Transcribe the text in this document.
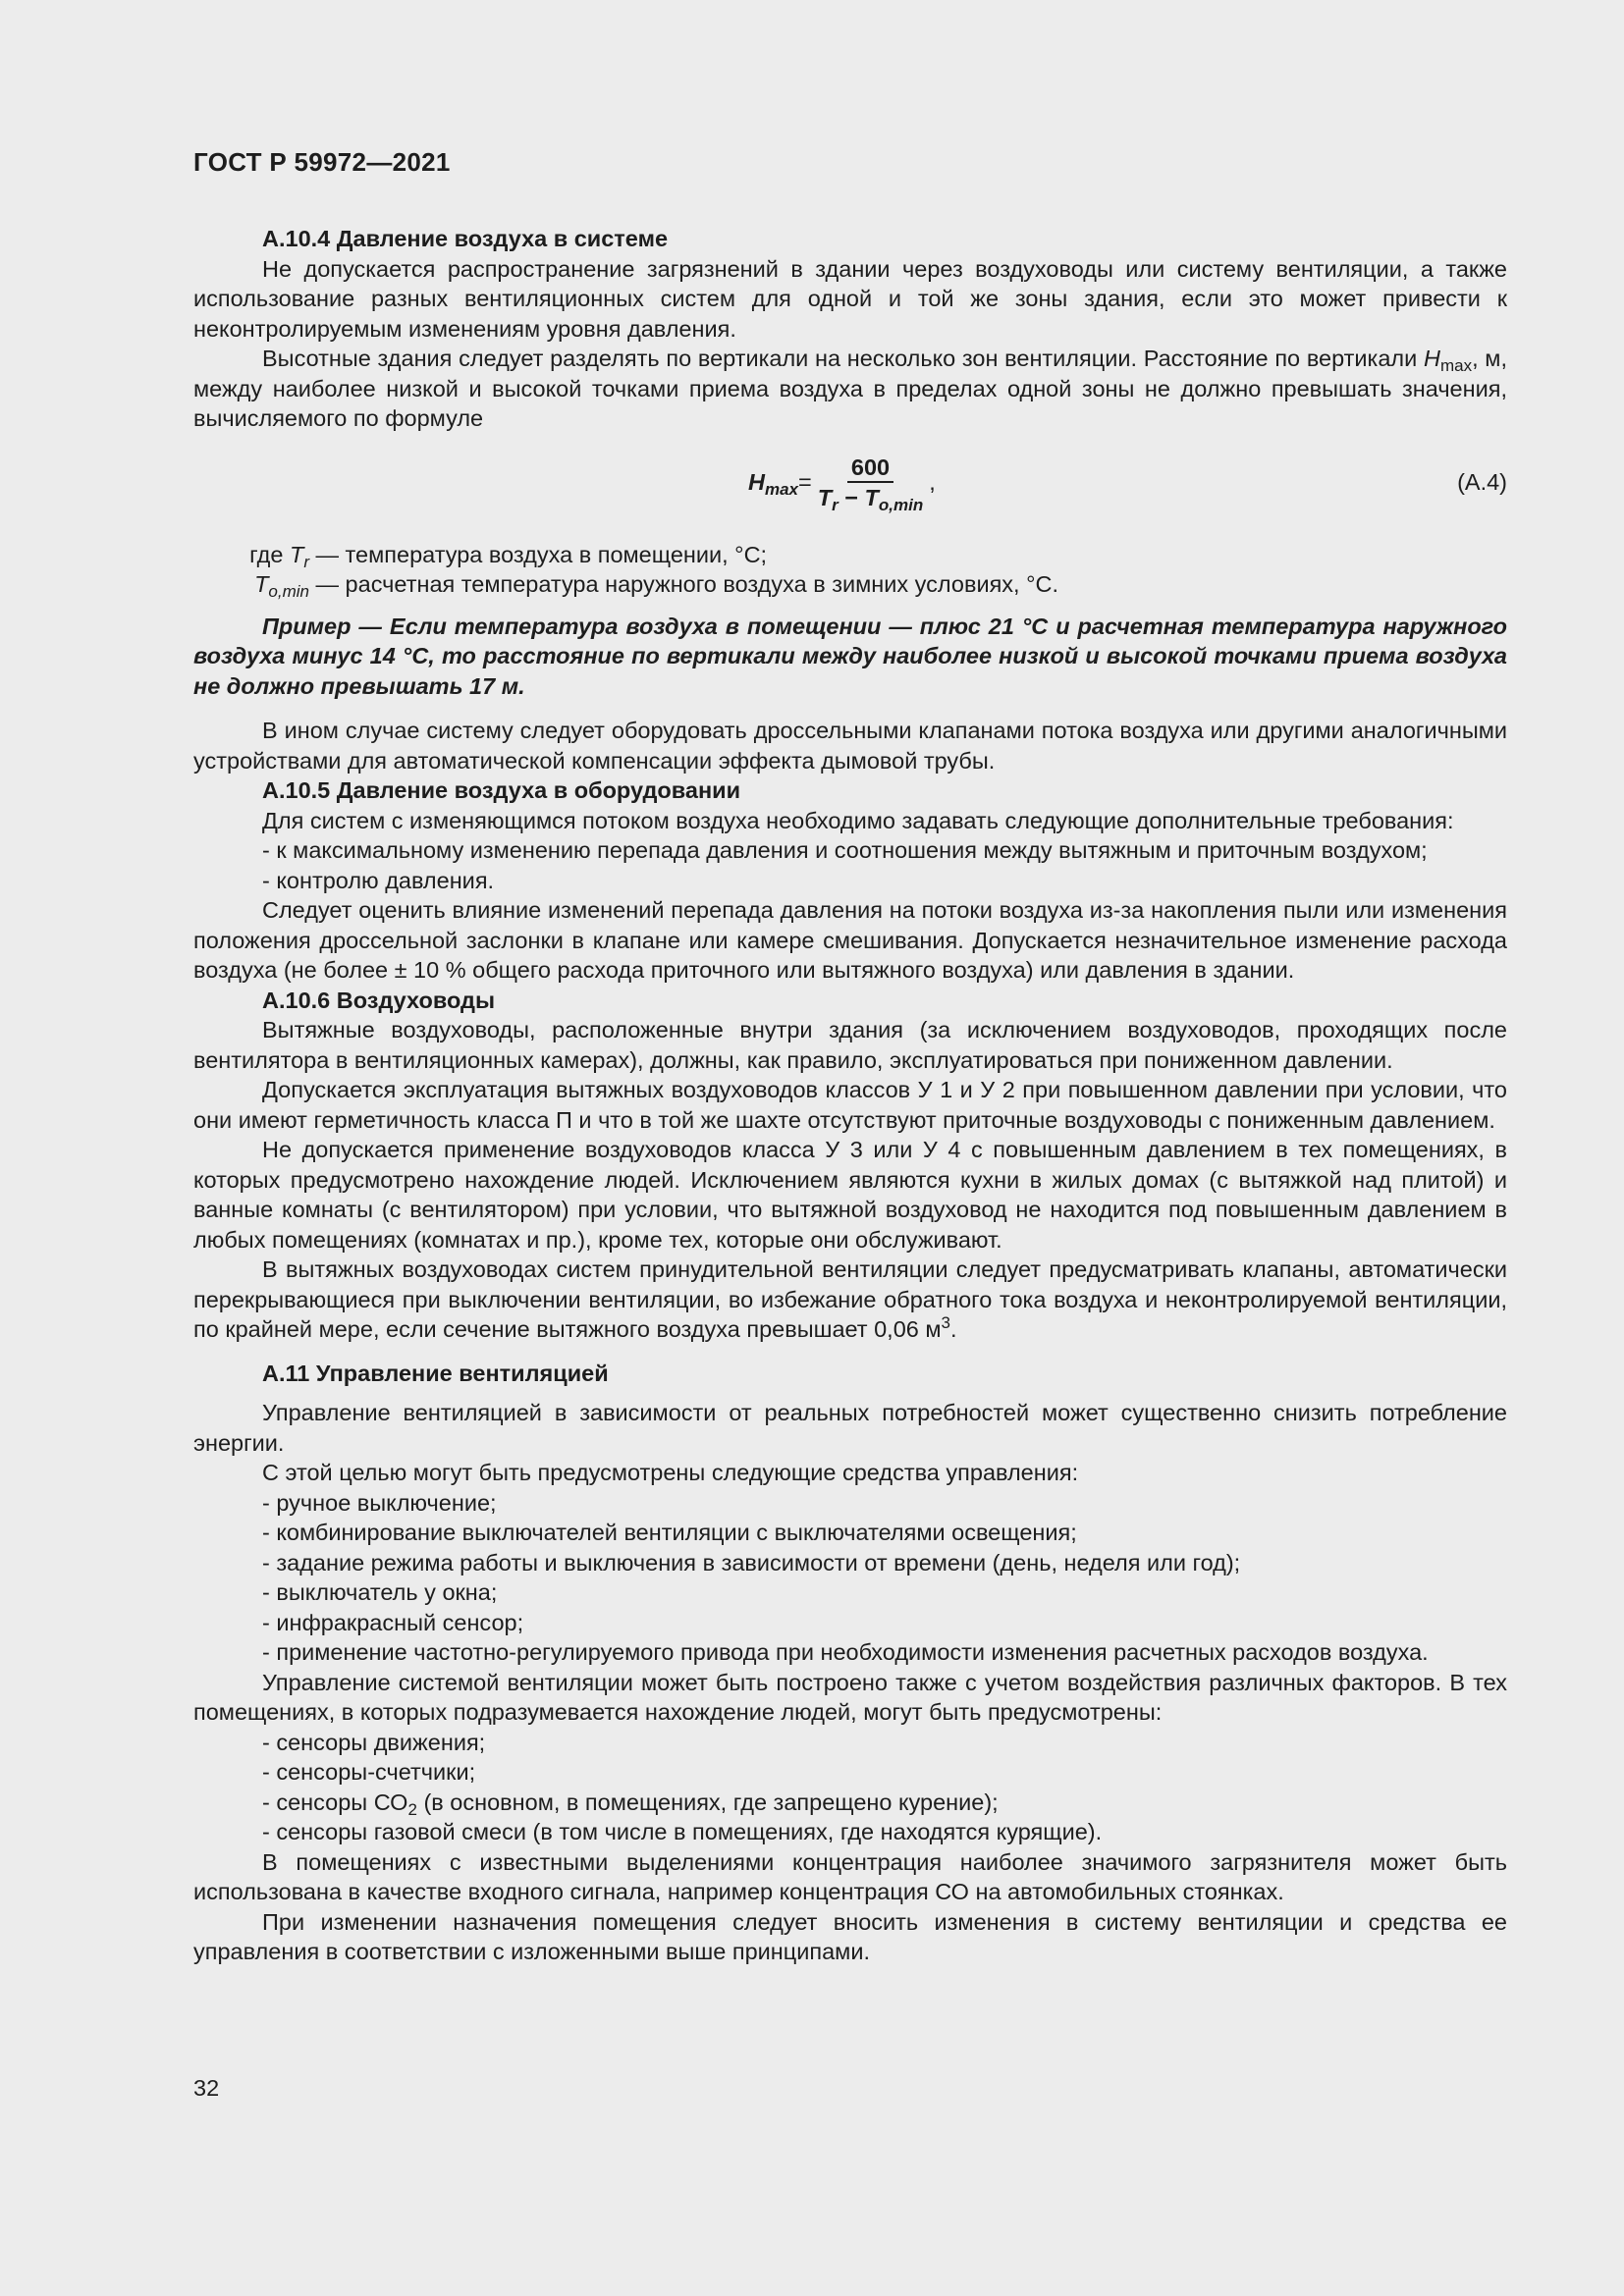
ГОСТ Р 59972—2021

А.10.4 Давление воздуха в системе

Не допускается распространение загрязнений в здании через воздуховоды или систему вентиляции, а также использование разных вентиляционных систем для одной и той же зоны здания, если это может привести к неконтролируемым изменениям уровня давления.

Высотные здания следует разделять по вертикали на несколько зон вентиляции. Расстояние по вертикали $H_{max}$, м, между наиболее низкой и высокой точками приема воздуха в пределах одной зоны не должно превышать значения, вычисляемого по формуле

$H_{max} = \frac{600}{T_r - T_{o,min}}$ ,	(А.4)

где $T_r$ — температура воздуха в помещении, °С;

$T_{o,min}$ — расчетная температура наружного воздуха в зимних условиях, °С.

Пример — Если температура воздуха в помещении — плюс 21 °С и расчетная температура наружного воздуха минус 14 °С, то расстояние по вертикали между наиболее низкой и высокой точками приема воздуха не должно превышать 17 м.

В ином случае систему следует оборудовать дроссельными клапанами потока воздуха или другими аналогичными устройствами для автоматической компенсации эффекта дымовой трубы.

А.10.5 Давление воздуха в оборудовании

Для систем с изменяющимся потоком воздуха необходимо задавать следующие дополнительные требования:

- к максимальному изменению перепада давления и соотношения между вытяжным и приточным воздухом;

- контролю давления.

Следует оценить влияние изменений перепада давления на потоки воздуха из-за накопления пыли или изменения положения дроссельной заслонки в клапане или камере смешивания. Допускается незначительное изменение расхода воздуха (не более ± 10 % общего расхода приточного или вытяжного воздуха) или давления в здании.

А.10.6 Воздуховоды

Вытяжные воздуховоды, расположенные внутри здания (за исключением воздуховодов, проходящих после вентилятора в вентиляционных камерах), должны, как правило, эксплуатироваться при пониженном давлении.

Допускается эксплуатация вытяжных воздуховодов классов У 1 и У 2 при повышенном давлении при условии, что они имеют герметичность класса П и что в той же шахте отсутствуют приточные воздуховоды с пониженным давлением.

Не допускается применение воздуховодов класса У 3 или У 4 с повышенным давлением в тех помещениях, в которых предусмотрено нахождение людей. Исключением являются кухни в жилых домах (с вытяжкой над плитой) и ванные комнаты (с вентилятором) при условии, что вытяжной воздуховод не находится под повышенным давлением в любых помещениях (комнатах и пр.), кроме тех, которые они обслуживают.

В вытяжных воздуховодах систем принудительной вентиляции следует предусматривать клапаны, автоматически перекрывающиеся при выключении вентиляции, во избежание обратного тока воздуха и неконтролируемой вентиляции, по крайней мере, если сечение вытяжного воздуха превышает 0,06 $м^3$.

А.11 Управление вентиляцией

Управление вентиляцией в зависимости от реальных потребностей может существенно снизить потребление энергии.

С этой целью могут быть предусмотрены следующие средства управления:

- ручное выключение;

- комбинирование выключателей вентиляции с выключателями освещения;

- задание режима работы и выключения в зависимости от времени (день, неделя или год);

- выключатель у окна;

- инфракрасный сенсор;

- применение частотно-регулируемого привода при необходимости изменения расчетных расходов воздуха.

Управление системой вентиляции может быть построено также с учетом воздействия различных факторов. В тех помещениях, в которых подразумевается нахождение людей, могут быть предусмотрены:

- сенсоры движения;

- сенсоры-счетчики;

- сенсоры $СО_2$ (в основном, в помещениях, где запрещено курение);

- сенсоры газовой смеси (в том числе в помещениях, где находятся курящие).

В помещениях с известными выделениями концентрация наиболее значимого загрязнителя может быть использована в качестве входного сигнала, например концентрация СО на автомобильных стоянках.

При изменении назначения помещения следует вносить изменения в систему вентиляции и средства ее управления в соответствии с изложенными выше принципами.

32
